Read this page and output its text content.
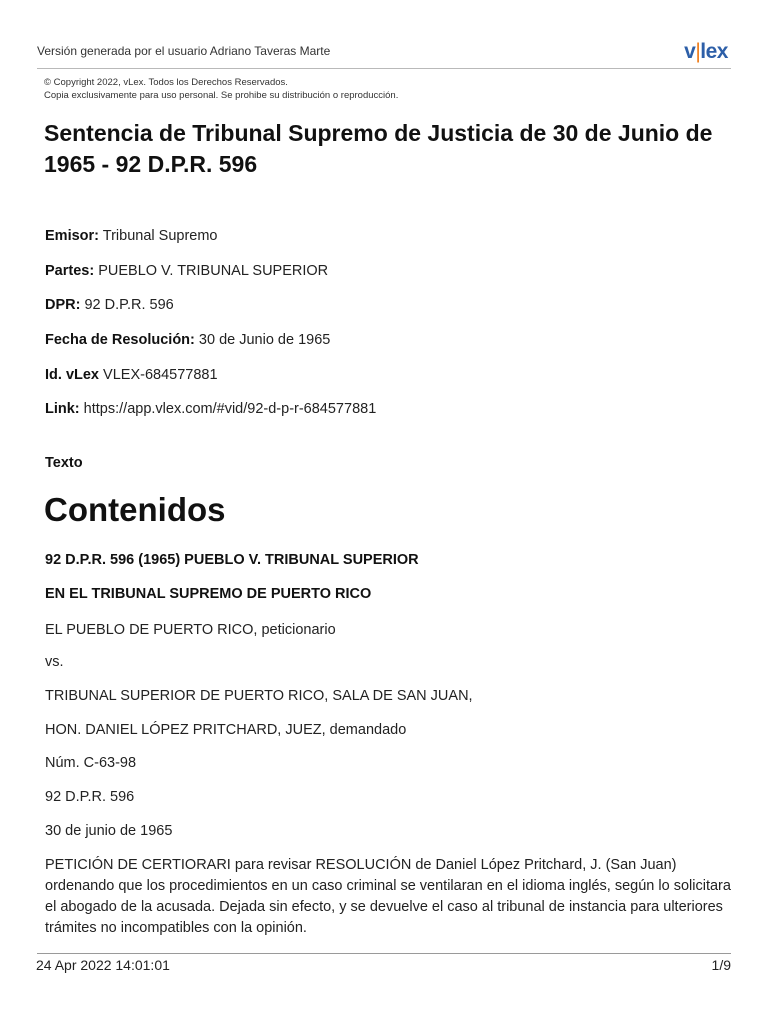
Versión generada por el usuario Adriano Taveras Marte	v|lex
© Copyright 2022, vLex. Todos los Derechos Reservados.
Copia exclusivamente para uso personal. Se prohibe su distribución o reproducción.
Sentencia de Tribunal Supremo de Justicia de 30 de Junio de 1965 - 92 D.P.R. 596
Emisor: Tribunal Supremo
Partes: PUEBLO V. TRIBUNAL SUPERIOR
DPR: 92 D.P.R. 596
Fecha de Resolución: 30 de Junio de 1965
Id. vLex VLEX-684577881
Link: https://app.vlex.com/#vid/92-d-p-r-684577881
Texto
Contenidos
92 D.P.R. 596 (1965) PUEBLO V. TRIBUNAL SUPERIOR
EN EL TRIBUNAL SUPREMO DE PUERTO RICO
EL PUEBLO DE PUERTO RICO, peticionario
vs.
TRIBUNAL SUPERIOR DE PUERTO RICO, SALA DE SAN JUAN,
HON. DANIEL LÓPEZ PRITCHARD, JUEZ, demandado
Núm. C-63-98
92 D.P.R. 596
30 de junio de 1965

PETICIÓN DE CERTIORARI para revisar RESOLUCIÓN de Daniel López Pritchard, J. (San Juan) ordenando que los procedimientos en un caso criminal se ventilaran en el idioma inglés, según lo solicitara el abogado de la acusada. Dejada sin efecto, y se devuelve el caso al tribunal de instancia para ulteriores trámites no incompatibles con la opinión.

24 Apr 2022 14:01:01	1/9
